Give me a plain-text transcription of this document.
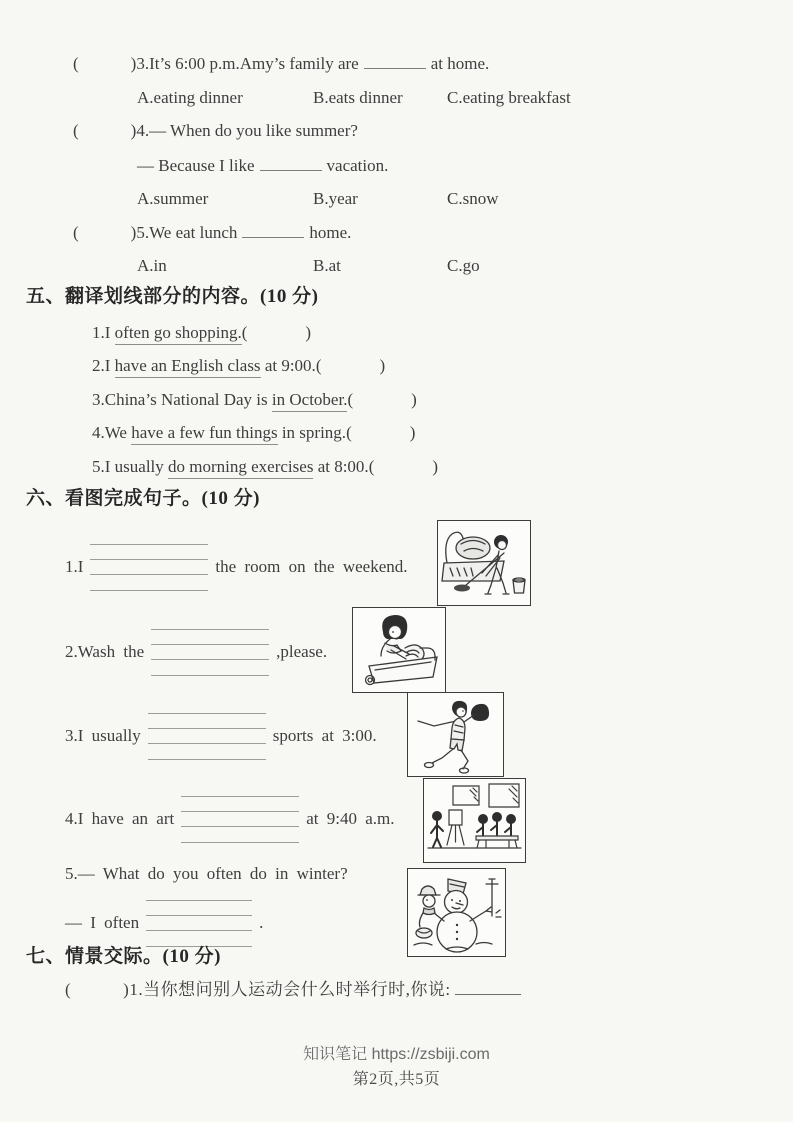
(	)3.It’s 6:00 p.m.Amy’s family are	at home.
A.eating dinner	B.eats dinner	C.eating breakfast
(	)4.— When do you like summer?
— Because I like	vacation.
A.summer	B.year	C.snow
(	)5.We eat lunch	home.
A.in	B.at	C.go
五、翻译划线部分的内容。(10 分)
1.I often go shopping.(	)
2.I have an English class at 9:00.(	)
3.China’s National Day is in October.(	)
4.We have a few fun things in spring.(	)
5.I usually do morning exercises at 8:00.(	)
六、看图完成句子。(10 分)
1.I	the room on the weekend.
2.Wash the	,please.
3.I usually	sports at 3:00.
4.I have an art	at 9:40 a.m.
5.— What do you often do in winter?
— I often	.
七、情景交际。(10 分)
(	)1.当你想问别人运动会什么时举行时,你说:
知识笔记 https://zsbiji.com
第2页,共5页
